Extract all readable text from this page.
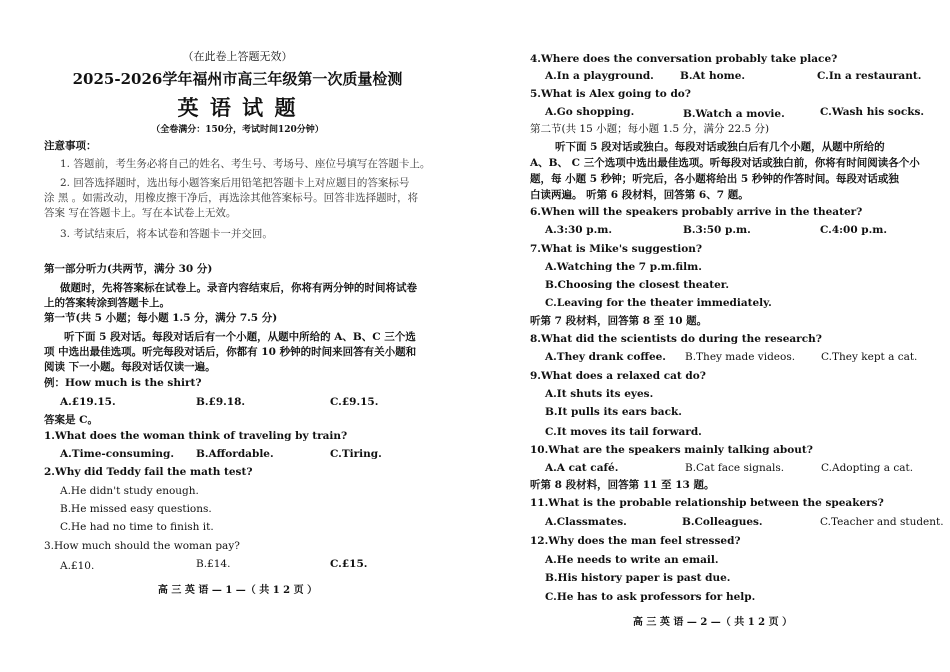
（在此卷上答题无效）
2025-2026学年福州市高三年级第一次质量检测
英 语 试 题
（全卷满分：150分，考试时间120分钟）
注意事项：
1. 答题前，考生务必将自己的姓名、考生号、考场号、座位号填写在答题卡上。
2. 回答选择题时，选出每小题答案后用铅笔把答题卡上对应题目的答案标号
涂 黑 。如需改动，用橡皮擦干净后，再选涂其他答案标号。回答非选择题时，将
答案 写在答题卡上。写在本试卷上无效。
3. 考试结束后，将本试卷和答题卡一并交回。
第一部分听力(共两节，满分 30 分)
做题时，先将答案标在试卷上。录音内容结束后，你将有两分钟的时间将试卷
上的答案转涂到答题卡上。
第一节(共 5 小题；每小题 1.5 分，满分 7.5 分)
听下面 5 段对话。每段对话后有一个小题，从题中所给的 A、B、C 三个选
项 中选出最佳选项。听完每段对话后，你都有 10 秒钟的时间来回答有关小题和
阅读 下一小题。每段对话仅读一遍。
例：How much is the shirt?
A.£19.15.	B.£9.18.	C.£9.15.
答案是 C。
1.What does the woman think of traveling by train?
A.Time-consuming. B.Affordable.	C.Tiring.
2.Why did Teddy fail the math test?
A.He didn't study enough.
B.He missed easy questions.
C.He had no time to finish it.
3.How much should the woman pay?
A.£10.	B.£14.	C.£15.
高 三 英 语 — 1 —（ 共 1 2 页 ）
4.Where does the conversation probably take place?
A.In a playground. B.At home.	C.In a restaurant.
5.What is Alex going to do?
A.Go shopping.	B.Watch a movie.	C.Wash his socks.
第二节(共 15 小题；每小题 1.5 分，满分 22.5 分)
听下面 5 段对话或独白。每段对话或独白后有几个小题，从题中所给的
A、B、 C 三个选项中选出最佳选项。听每段对话或独白前，你将有时间阅读各个小
题，每 小题 5 秒钟；听完后，各小题将给出 5 秒钟的作答时间。每段对话或独
白读两遍。 听第 6 段材料，回答第 6、7 题。
6.When will the speakers probably arrive in the theater?
A.3:30 p.m.	B.3:50 p.m.	C.4:00 p.m.
7.What is Mike's suggestion?
A.Watching the 7 p.m.film.
B.Choosing the closest theater.
C.Leaving for the theater immediately.
听第 7 段材料，回答第 8 至 10 题。
8.What did the scientists do during the research?
A.They drank coffee. B.They made videos. C.They kept a cat.
9.What does a relaxed cat do?
A.It shuts its eyes.
B.It pulls its ears back.
C.It moves its tail forward.
10.What are the speakers mainly talking about?
A.A cat café.	B.Cat face signals.	C.Adopting a cat.
听第 8 段材料，回答第 11 至 13 题。
11.What is the probable relationship between the speakers?
A.Classmates.	B.Colleagues.	C.Teacher and student.
12.Why does the man feel stressed?
A.He needs to write an email.
B.His history paper is past due.
C.He has to ask professors for help.
高 三 英 语 — 2 —（ 共 1 2 页 ）
